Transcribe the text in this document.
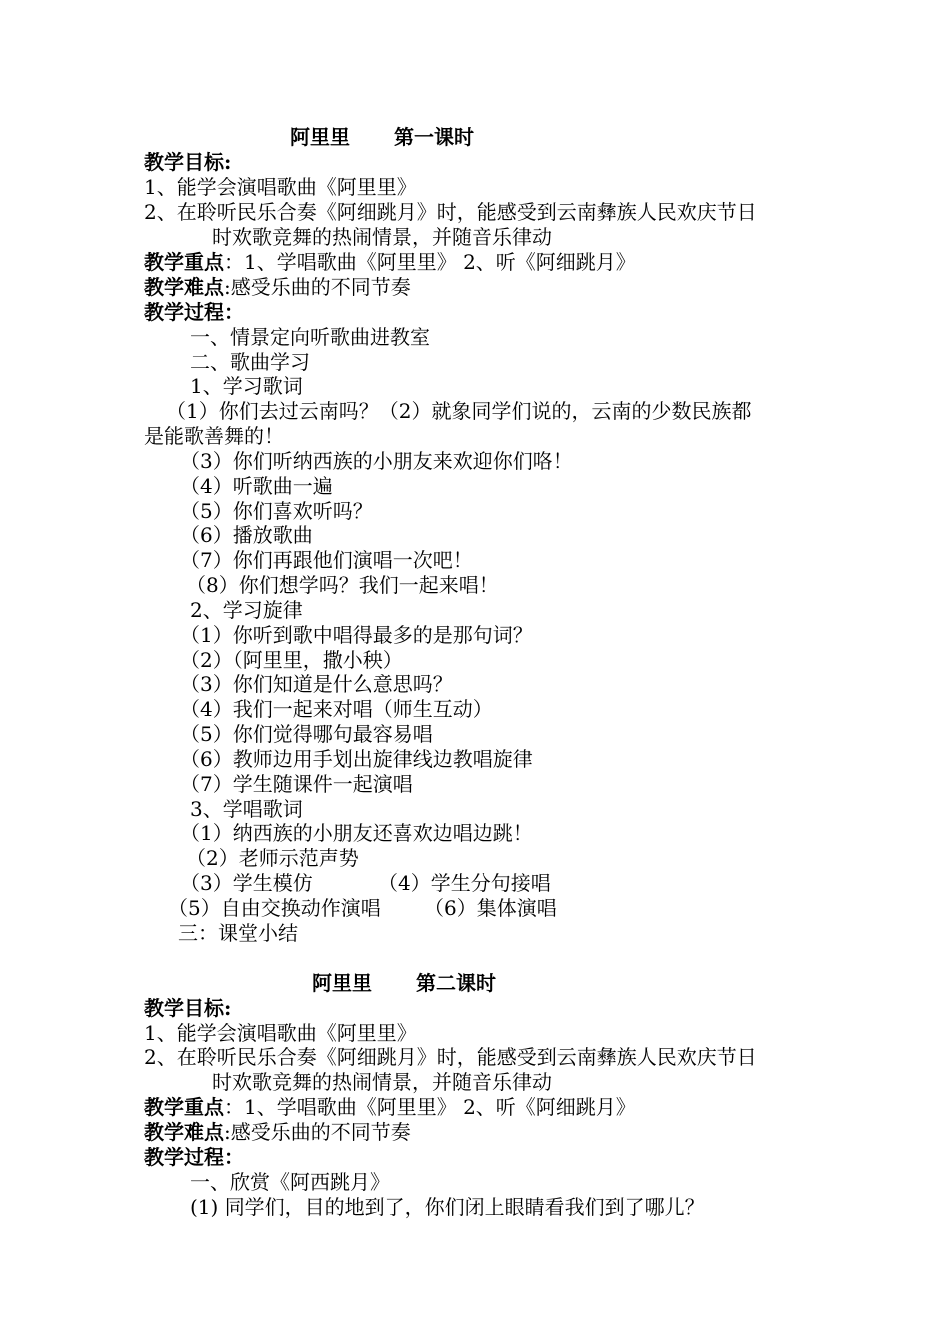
阿里里 第一课时
教学目标:
1、能学会演唱歌曲《阿里里》
2、在聆听民乐合奏《阿细跳月》时，能感受到云南彝族人民欢庆节日
时欢歌竞舞的热闹情景，并随音乐律动
教学重点：1、学唱歌曲《阿里里》 2、听《阿细跳月》
教学难点:感受乐曲的不同节奏
教学过程：
一、情景定向听歌曲进教室
二、歌曲学习
1、学习歌词
（1）你们去过云南吗？（2）就象同学们说的，云南的少数民族都
是能歌善舞的！
（3）你们听纳西族的小朋友来欢迎你们咯！
（4）听歌曲一遍
（5）你们喜欢听吗？
（6）播放歌曲
（7）你们再跟他们演唱一次吧！
（8）你们想学吗？我们一起来唱！
2、学习旋律
（1）你听到歌中唱得最多的是那句词？
（2）（阿里里，撒小秧）
（3）你们知道是什么意思吗？
（4）我们一起来对唱（师生互动）
（5）你们觉得哪句最容易唱
（6）教师边用手划出旋律线边教唱旋律
（7）学生随课件一起演唱
3、学唱歌词
（1）纳西族的小朋友还喜欢边唱边跳！
（2）老师示范声势
（3）学生模仿	（4）学生分句接唱
（5）自由交换动作演唱 （6）集体演唱
三：课堂小结
阿里里 第二课时
教学目标:
1、能学会演唱歌曲《阿里里》
2、在聆听民乐合奏《阿细跳月》时，能感受到云南彝族人民欢庆节日
时欢歌竞舞的热闹情景，并随音乐律动
教学重点：1、学唱歌曲《阿里里》 2、听《阿细跳月》
教学难点:感受乐曲的不同节奏
教学过程：
一、欣赏《阿西跳月》
(1) 同学们，目的地到了，你们闭上眼睛看我们到了哪儿？
